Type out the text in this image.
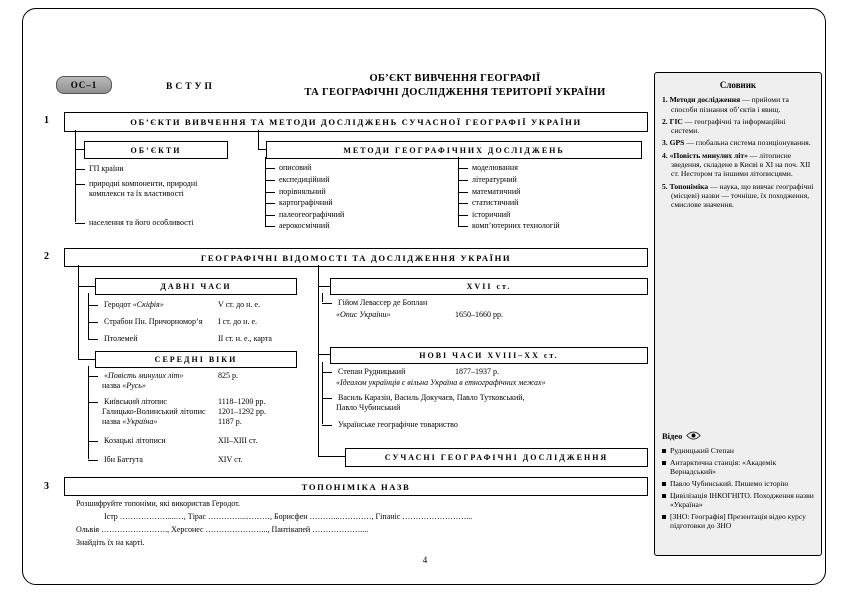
ОС–1	ВСТУП
ОБ’ЄКТ ВИВЧЕННЯ ГЕОГРАФІЇ
ТА ГЕОГРАФІЧНІ ДОСЛІДЖЕННЯ ТЕРИТОРІЇ УКРАЇНИ
1	ОБ’ЄКТИ ВИВЧЕННЯ ТА МЕТОДИ ДОСЛІДЖЕНЬ СУЧАСНОЇ ГЕОГРАФІЇ УКРАЇНИ
ОБ’ЄКТИ
ГП країни
природні компоненти, природні комплекси та їх властивості
населення та його особливості
МЕТОДИ ГЕОГРАФІЧНИХ ДОСЛІДЖЕНЬ
описовий
експедиційний
порівняльний
картографічний
палеогеографічний
аерокосмічний
моделювання
літературний
математичний
статистичний
історичний
комп’ютерних технологій
2	ГЕОГРАФІЧНІ ВІДОМОСТІ ТА ДОСЛІДЖЕННЯ УКРАЇНИ
ДАВНІ ЧАСИ
Геродот «Скіфія»	V ст. до н. е.
Страбон Пн. Причорномор’я I ст. до н. е.
Птолемей	II ст. н. е., карта
СЕРЕДНІ ВІКИ
«Повість минулих літ»	825 р.
назва «Русь»
Київський літопис	1118–1200 рр.
Галицько-Волинський літопис 1201–1292 рр.
назва «Україна»	1187 р.
Козацькі літописи	XII–XIII ст.
Ібн Баттута	XIV ст.
XVII ст.
Гійом Левассер де Боплан
«Опис України»	1650–1660 рр.
НОВІ ЧАСИ XVIII–XX ст.
Степан Рудницький	1877–1937 р.
«Ідеалом українців є вільна Україна в етнографічних межах»
Василь Каразін, Василь Докучаєв, Павло Тутковський,
Павло Чубинський
Українське географічне товариство
СУЧАСНІ ГЕОГРАФІЧНІ ДОСЛІДЖЕННЯ
3	ТОПОНІМІКА НАЗВ
Розшифруйте топоніми, які використав Геродот.
Істр ………………....…, Тірас …………...………, Борисфен ………...…………, Гіпаніс ……………………...
Ольвія ……………………., Херсонес …………………..., Пантікапей ………………....
Знайдіть їх на карті.
4
Словник
1. Методи дослідження — прийоми та способи пізнання об’єктів і явищ.
2. ГІС — географічні та інформаційні системи.
3. GPS — глобальна система позиціонування.
4. «Повість минулих літ» — літописне зведення, складене в Києві в XI на поч. XII ст. Нестором та іншими літописцями.
5. Топоніміка — наука, що вивчає географічні (місцеві) назви — точніше, їх походження, смислове значення.
Відео
Рудницький Степан
Антарктична станція: «Академік Вернадський»
Павло Чубинський. Пишемо історію
Цивілізація ІНКОГНІТО. Походження назви «Україна»
[ЗНО: Географія] Презентація відео курсу підготовки до ЗНО
